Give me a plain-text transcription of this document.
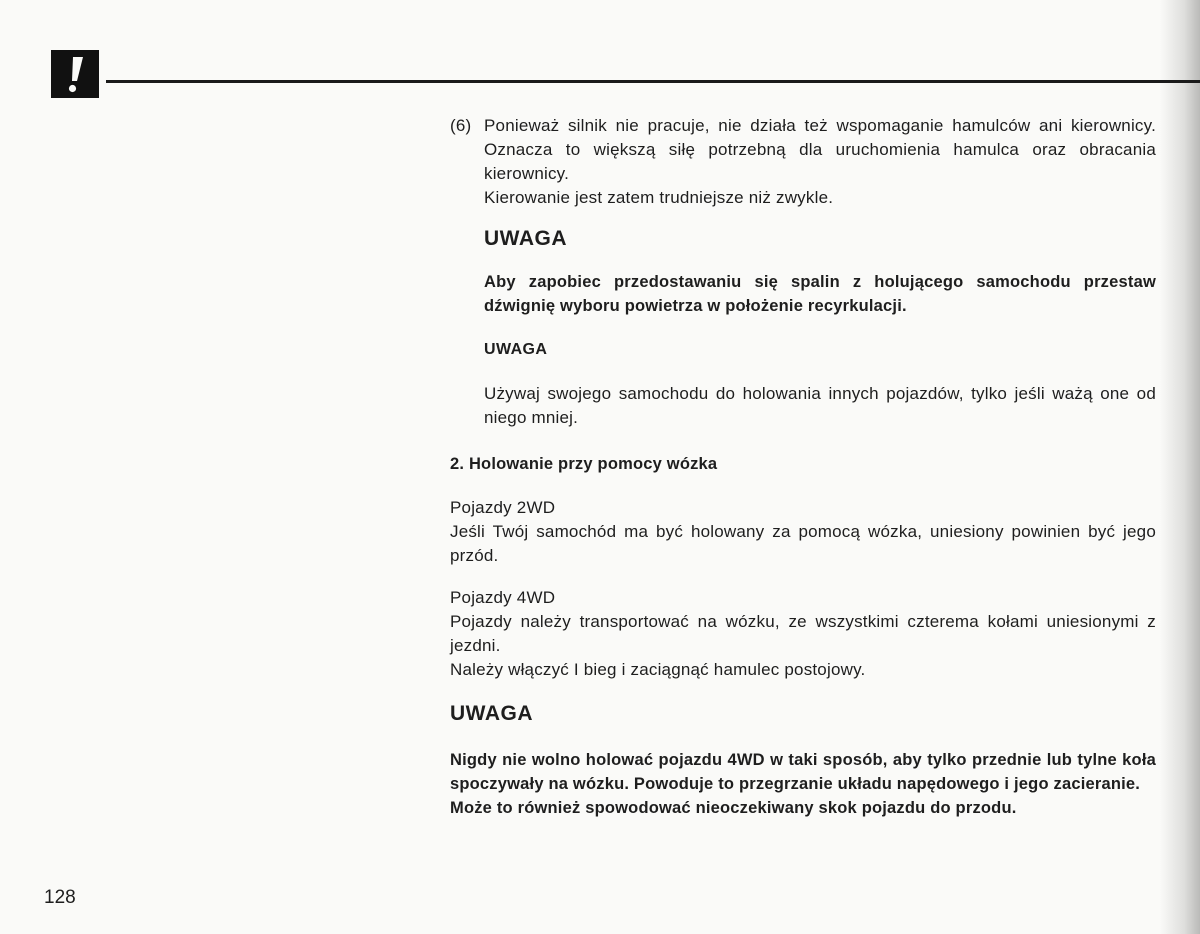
(6) Ponieważ silnik nie pracuje, nie działa też wspomaganie hamulców ani kierownicy. Oznacza to większą siłę potrzebną dla uruchomienia hamulca oraz obracania kierownicy.

Kierowanie jest zatem trudniejsze niż zwykle.

UWAGA

Aby zapobiec przedostawaniu się spalin z holującego samochodu przestaw dźwignię wyboru powietrza w położenie recyrkulacji.

UWAGA

Używaj swojego samochodu do holowania innych pojazdów, tylko jeśli ważą one od niego mniej.

2. Holowanie przy pomocy wózka

Pojazdy 2WD

Jeśli Twój samochód ma być holowany za pomocą wózka, uniesiony powinien być jego przód.

Pojazdy 4WD

Pojazdy należy transportować na wózku, ze wszystkimi czterema kołami uniesionymi z jezdni.

Należy włączyć I bieg i zaciągnąć hamulec postojowy.

UWAGA

Nigdy nie wolno holować pojazdu 4WD w taki sposób, aby tylko przednie lub tylne koła spoczywały na wózku. Powoduje to przegrzanie układu napędowego i jego zacieranie.

Może to również spowodować nieoczekiwany skok pojazdu do przodu.

128
